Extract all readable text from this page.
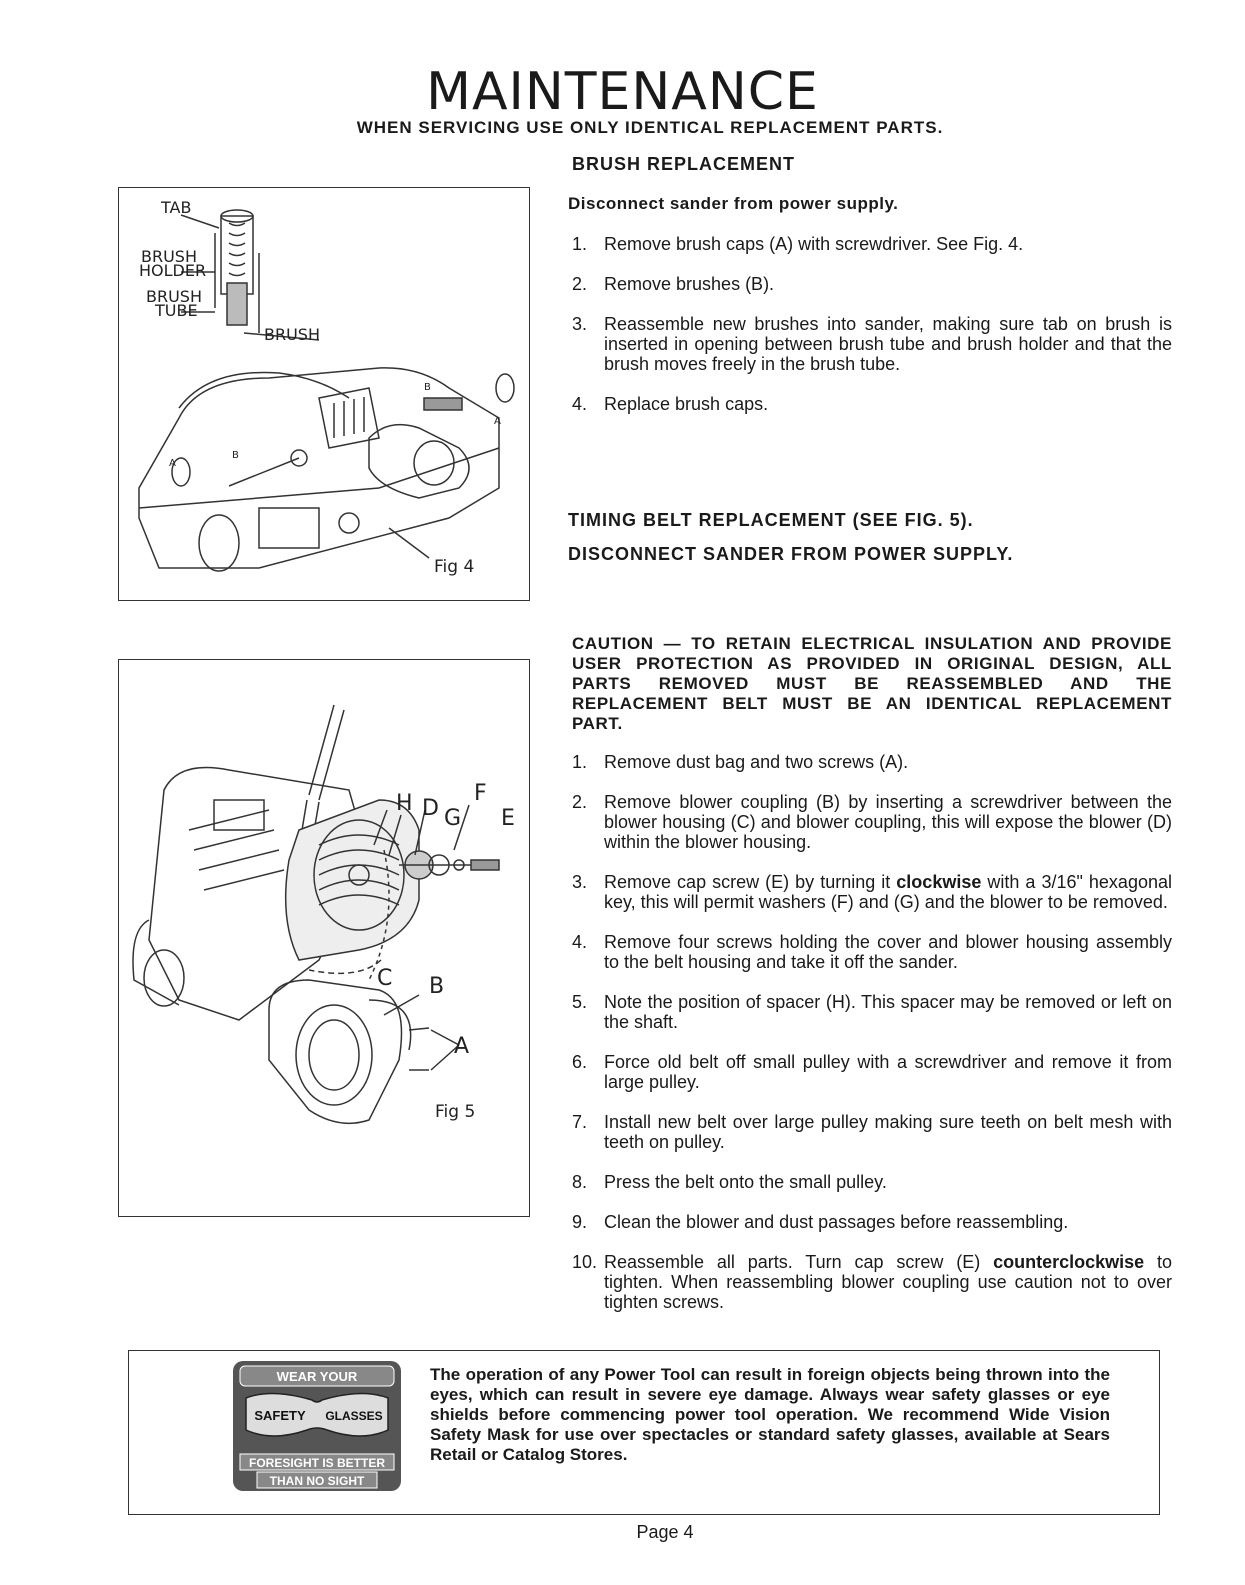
MAINTENANCE
WHEN SERVICING USE ONLY IDENTICAL REPLACEMENT PARTS.
TAB
BRUSH
HOLDER
BRUSH
TUBE
BRUSH
B
A
A
B
Fig 4
H D G
F
E
C B
A
Fig 5
BRUSH REPLACEMENT
Disconnect sander from power supply.
1. Remove brush caps (A) with screwdriver. See Fig. 4.
2. Remove brushes (B).
3. Reassemble new brushes into sander, making sure tab on brush is inserted in opening between brush tube and brush holder and that the brush moves freely in the brush tube.
4. Replace brush caps.
TIMING BELT REPLACEMENT (SEE FIG. 5).
DISCONNECT SANDER FROM POWER SUPPLY.
CAUTION — TO RETAIN ELECTRICAL INSULATION AND PROVIDE USER PROTECTION AS PROVIDED IN ORIGINAL DESIGN, ALL PARTS REMOVED MUST BE REASSEMBLED AND THE REPLACEMENT BELT MUST BE AN IDENTICAL REPLACEMENT PART.
1. Remove dust bag and two screws (A).
2. Remove blower coupling (B) by inserting a screwdriver between the blower housing (C) and blower coupling, this will expose the blower (D) within the blower housing.
3. Remove cap screw (E) by turning it clockwise with a 3/16" hexagonal key, this will permit washers (F) and (G) and the blower to be removed.
4. Remove four screws holding the cover and blower housing assembly to the belt housing and take it off the sander.
5. Note the position of spacer (H). This spacer may be removed or left on the shaft.
6. Force old belt off small pulley with a screwdriver and remove it from large pulley.
7. Install new belt over large pulley making sure teeth on belt mesh with teeth on pulley.
8. Press the belt onto the small pulley.
9. Clean the blower and dust passages before reassembling.
10. Reassemble all parts. Turn cap screw (E) counterclockwise to tighten. When reassembling blower coupling use caution not to over tighten screws.
WEAR YOUR
SAFETY GLASSES
FORESIGHT IS BETTER
THAN NO SIGHT
The operation of any Power Tool can result in foreign objects being thrown into the eyes, which can result in severe eye damage. Always wear safety glasses or eye shields before commencing power tool operation. We recommend Wide Vision Safety Mask for use over spectacles or standard safety glasses, available at Sears Retail or Catalog Stores.
Page 4
